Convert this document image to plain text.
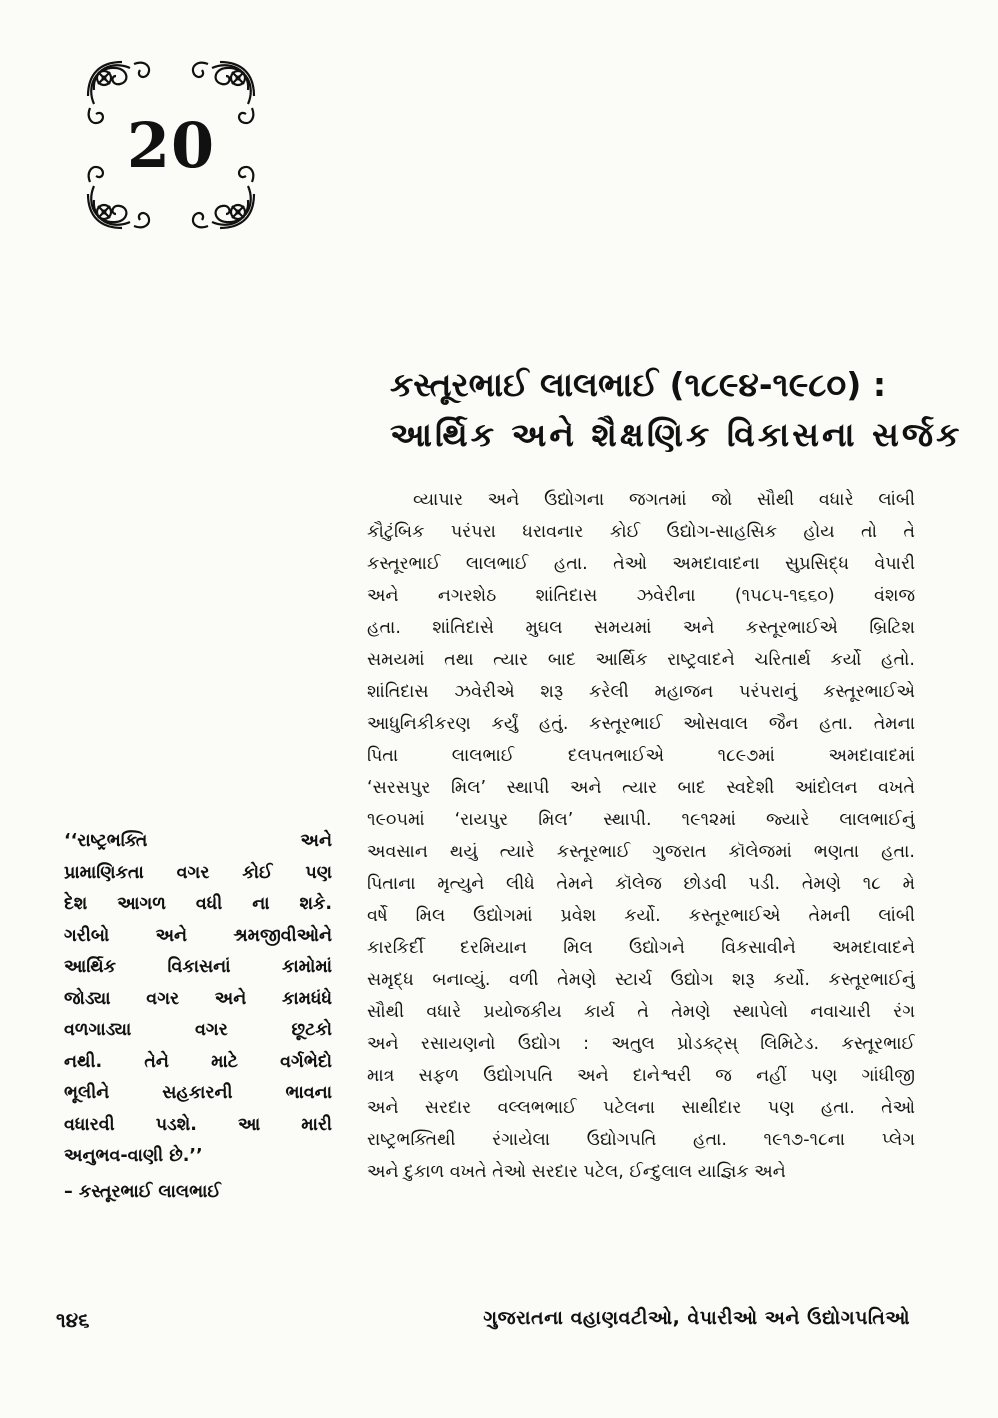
20
કસ્તૂરભાઈ લાલભાઈ (૧૮૯૪-૧૯૮૦) :
આર્થિક અને શૈક્ષણિક વિકાસના સર્જક
વ્યાપાર અને ઉદ્યોગના જગતમાં જો સૌથી વધારે લાંબી
કૌટુંબિક પરંપરા ધરાવનાર કોઈ ઉદ્યોગ-સાહસિક હોય તો તે
કસ્તૂરભાઈ લાલભાઈ હતા. તેઓ અમદાવાદના સુપ્રસિદ્ધ વેપારી
અને નગરશેઠ શાંતિદાસ ઝવેરીના (૧૫૮૫-૧૬૬૦) વંશજ
હતા. શાંતિદાસે મુઘલ સમયમાં અને કસ્તૂરભાઈએ બ્રિટિશ
સમયમાં તથા ત્યાર બાદ આર્થિક રાષ્ટ્રવાદને ચરિતાર્થ કર્યો હતો.
શાંતિદાસ ઝવેરીએ શરૂ કરેલી મહાજન પરંપરાનું કસ્તૂરભાઈએ
આધુનિકીકરણ કર્યું હતું. કસ્તૂરભાઈ ઓસવાલ જૈન હતા. તેમના
પિતા લાલભાઈ દલપતભાઈએ ૧૮૯૭માં અમદાવાદમાં
‘સરસપુર મિલ’ સ્થાપી અને ત્યાર બાદ સ્વદેશી આંદોલન વખતે
૧૯૦૫માં ‘રાયપુર મિલ’ સ્થાપી. ૧૯૧૨માં જ્યારે લાલભાઈનું
અવસાન થયું ત્યારે કસ્તૂરભાઈ ગુજરાત કૉલેજમાં ભણતા હતા.
પિતાના મૃત્યુને લીધે તેમને કૉલેજ છોડવી પડી. તેમણે ૧૮ મે
વર્ષે મિલ ઉદ્યોગમાં પ્રવેશ કર્યો. કસ્તૂરભાઈએ તેમની લાંબી
કારકિર્દી દરમિયાન મિલ ઉદ્યોગને વિકસાવીને અમદાવાદને
સમૃદ્ધ બનાવ્યું. વળી તેમણે સ્ટાર્ચ ઉદ્યોગ શરૂ કર્યો. કસ્તૂરભાઈનું
સૌથી વધારે પ્રયોજકીય કાર્ય તે તેમણે સ્થાપેલો નવાચારી રંગ
અને રસાયણનો ઉદ્યોગ : અતુલ પ્રોડક્ટ્સ્ લિમિટેડ. કસ્તૂરભાઈ
માત્ર સફળ ઉદ્યોગપતિ અને દાનેશ્વરી જ નહીં પણ ગાંધીજી
અને સરદાર વલ્લભભાઈ પટેલના સાથીદાર પણ હતા. તેઓ
રાષ્ટ્રભક્તિથી રંગાયેલા ઉદ્યોગપતિ હતા. ૧૯૧૭-૧૮ના પ્લેગ
અને દુકાળ વખતે તેઓ સરદાર પટેલ, ઈન્દુલાલ યાજ્ઞિક અને
‘‘રાષ્ટ્રભક્તિ અને
પ્રામાણિકતા વગર કોઈ પણ
દેશ આગળ વધી ના શકે.
ગરીબો અને શ્રમજીવીઓને
આર્થિક વિકાસનાં કામોમાં
જોડ્યા વગર અને કામધંધે
વળગાડ્યા વગર છૂટકો
નથી. તેને માટે વર્ગભેદો
ભૂલીને સહકારની ભાવના
વધારવી પડશે. આ મારી
અનુભવ-વાણી છે.’’
– કસ્તૂરભાઈ લાલભાઈ
૧૪૬	ગુજરાતના વહાણવટીઓ, વેપારીઓ અને ઉદ્યોગપતિઓ
